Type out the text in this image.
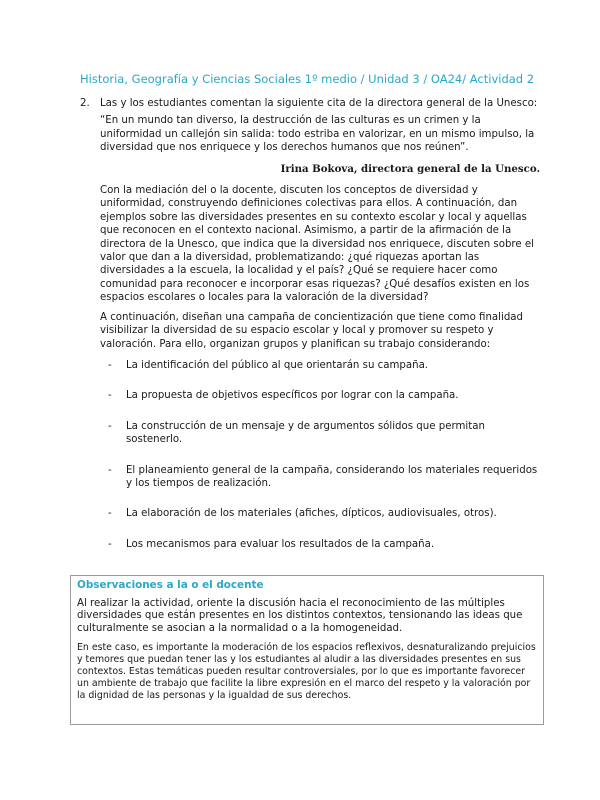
Historia, Geografía y Ciencias Sociales 1º medio / Unidad 3 / OA24/ Actividad 2
2.	Las y los estudiantes comentan la siguiente cita de la directora general de la Unesco:
“En un mundo tan diverso, la destrucción de las culturas es un crimen y la uniformidad un callejón sin salida: todo estriba en valorizar, en un mismo impulso, la diversidad que nos enriquece y los derechos humanos que nos reúnen”.
Irina Bokova, directora general de la Unesco.
Con la mediación del o la docente, discuten los conceptos de diversidad y uniformidad, construyendo definiciones colectivas para ellos. A continuación, dan ejemplos sobre las diversidades presentes en su contexto escolar y local y aquellas que reconocen en el contexto nacional. Asimismo, a partir de la afirmación de la directora de la Unesco, que indica que la diversidad nos enriquece, discuten sobre el valor que dan a la diversidad, problematizando: ¿qué riquezas aportan las diversidades a la escuela, la localidad y el país? ¿Qué se requiere hacer como comunidad para reconocer e incorporar esas riquezas? ¿Qué desafíos existen en los espacios escolares o locales para la valoración de la diversidad?
A continuación, diseñan una campaña de concientización que tiene como finalidad visibilizar la diversidad de su espacio escolar y local y promover su respeto y valoración. Para ello, organizan grupos y planifican su trabajo considerando:
-	La identificación del público al que orientarán su campaña.
-	La propuesta de objetivos específicos por lograr con la campaña.
-	La construcción de un mensaje y de argumentos sólidos que permitan sostenerlo.
-	El planeamiento general de la campaña, considerando los materiales requeridos y los tiempos de realización.
-	La elaboración de los materiales (afiches, dípticos, audiovisuales, otros).
-	Los mecanismos para evaluar los resultados de la campaña.
Observaciones a la o el docente
Al realizar la actividad, oriente la discusión hacia el reconocimiento de las múltiples diversidades que están presentes en los distintos contextos, tensionando las ideas que culturalmente se asocian a la normalidad o a la homogeneidad.
En este caso, es importante la moderación de los espacios reflexivos, desnaturalizando prejuicios y temores que puedan tener las y los estudiantes al aludir a las diversidades presentes en sus contextos. Estas temáticas pueden resultar controversiales, por lo que es importante favorecer un ambiente de trabajo que facilite la libre expresión en el marco del respeto y la valoración por la dignidad de las personas y la igualdad de sus derechos.
